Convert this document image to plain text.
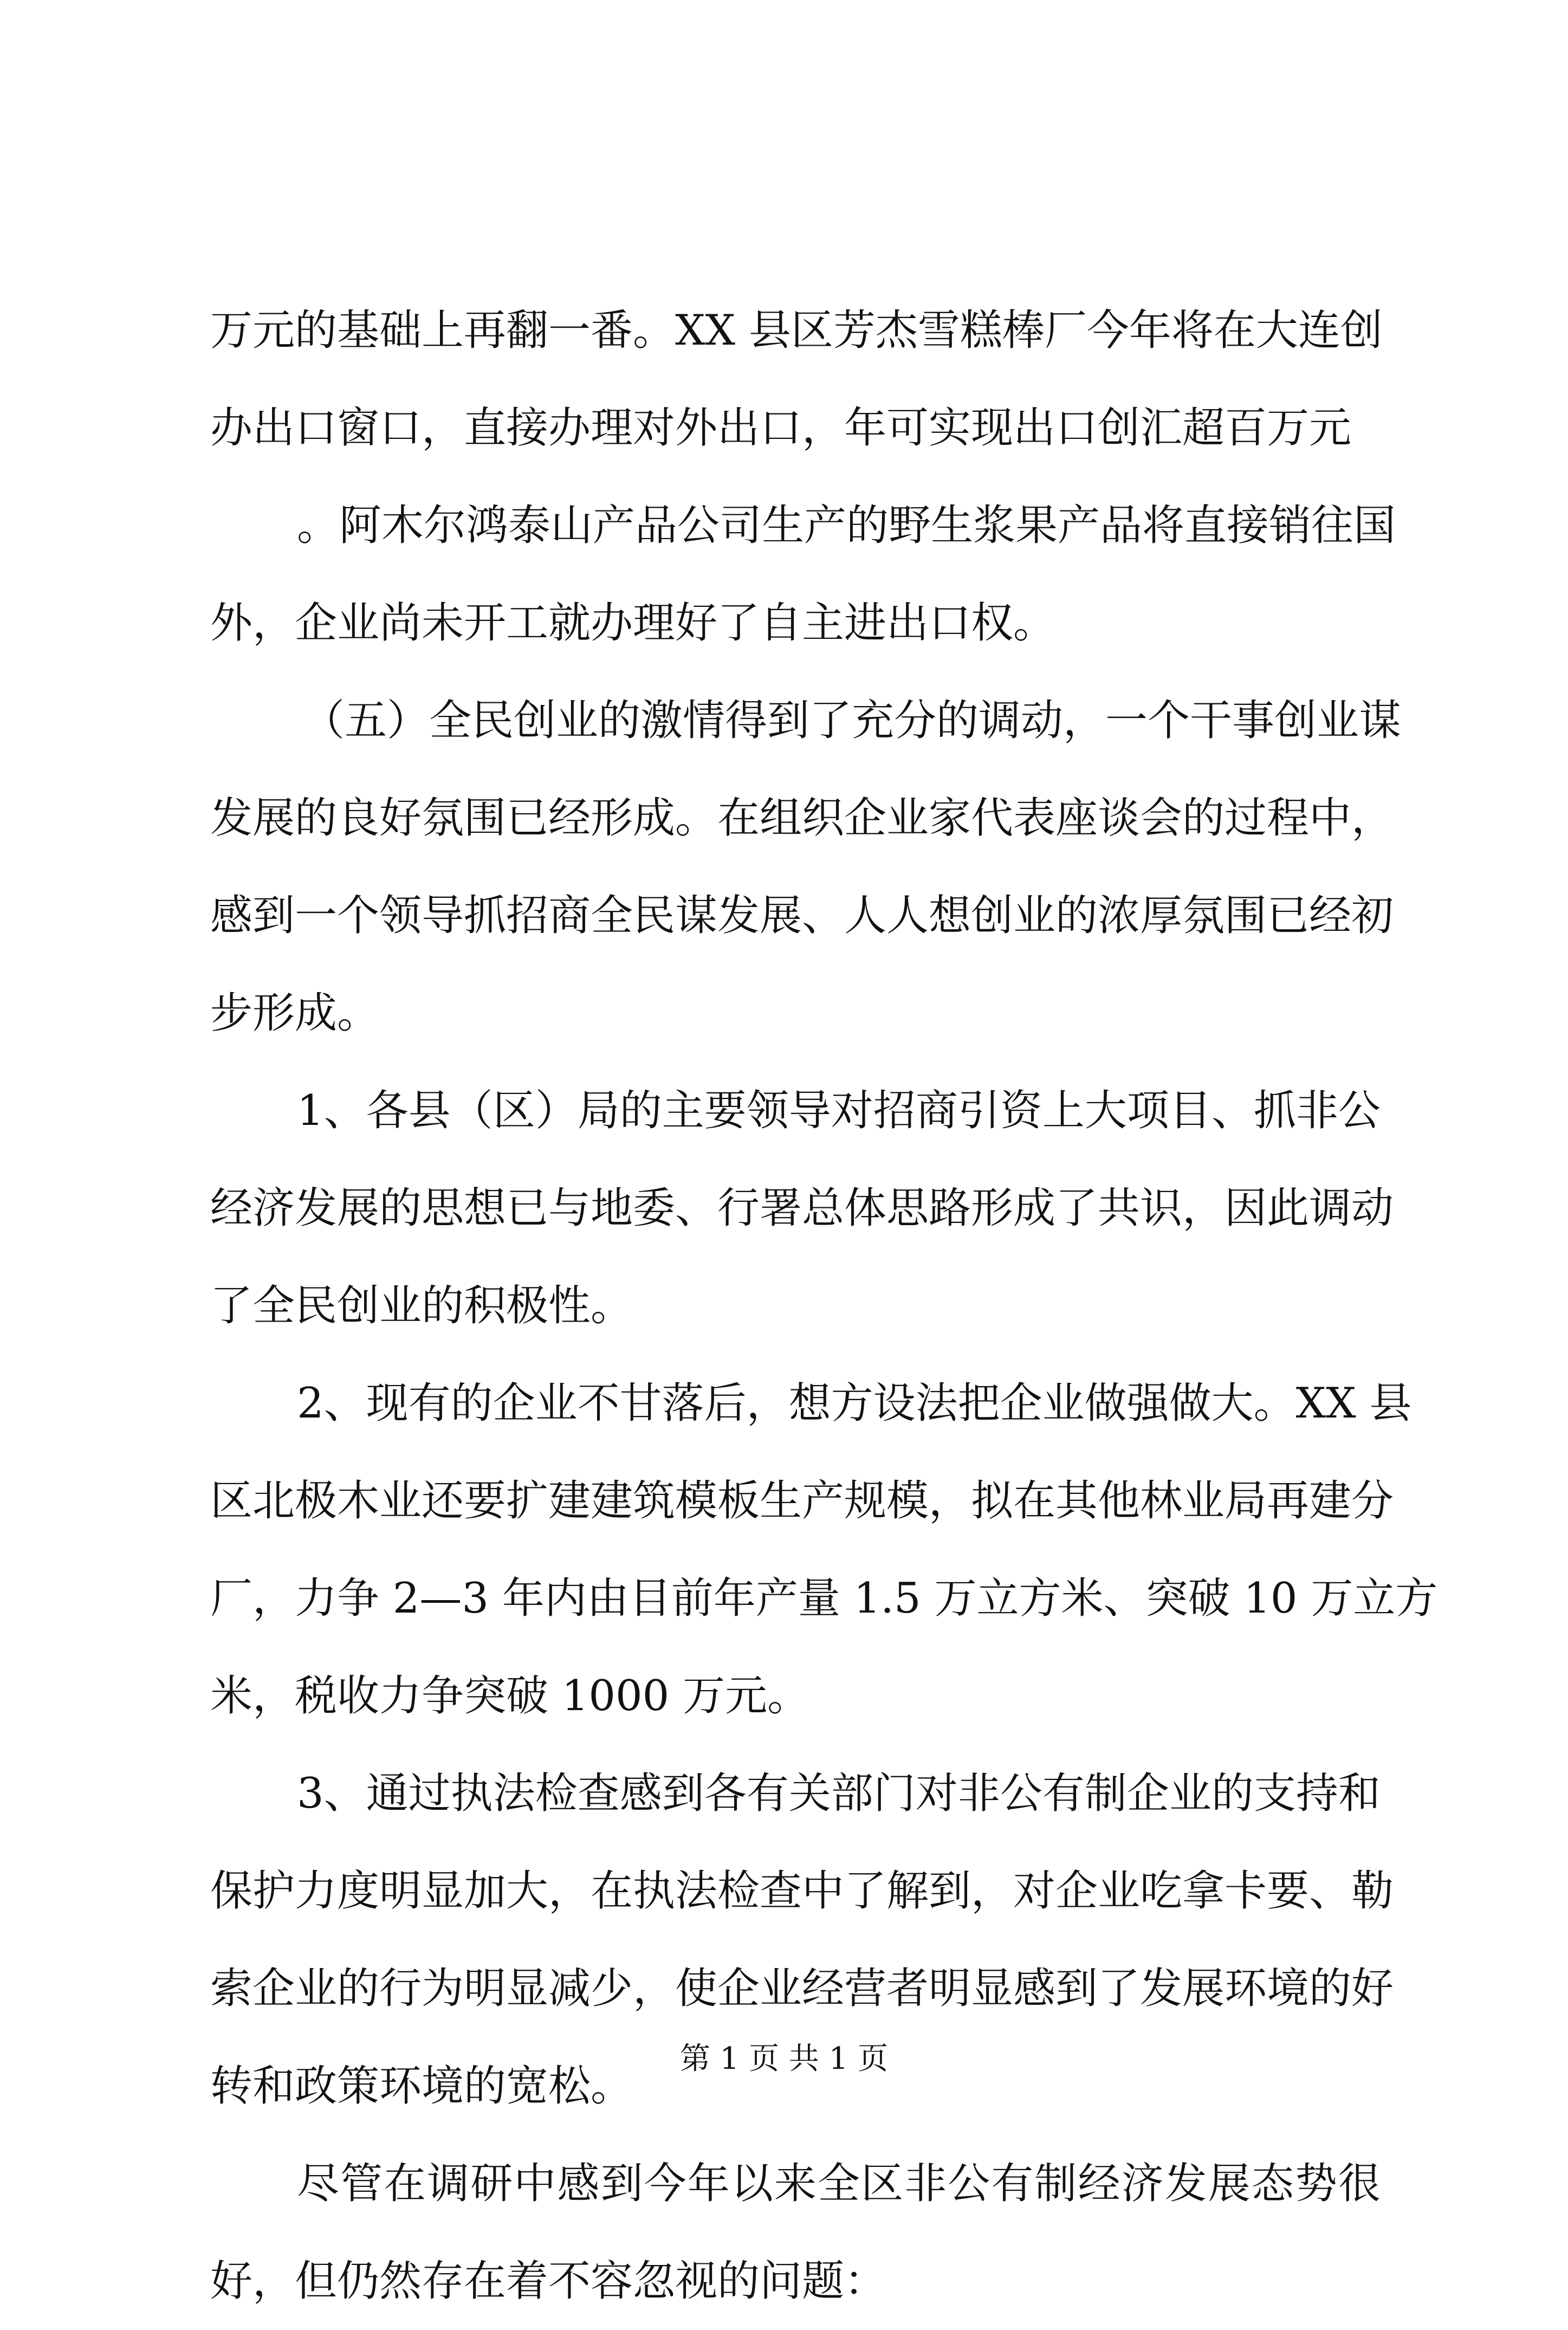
万元的基础上再翻一番。XX 县区芳杰雪糕棒厂今年将在大连创
办出口窗口，直接办理对外出口，年可实现出口创汇超百万元
。阿木尔鸿泰山产品公司生产的野生浆果产品将直接销往国
外，企业尚未开工就办理好了自主进出口权。
（五）全民创业的激情得到了充分的调动，一个干事创业谋
发展的良好氛围已经形成。在组织企业家代表座谈会的过程中，
感到一个领导抓招商全民谋发展、人人想创业的浓厚氛围已经初
步形成。
1、各县（区）局的主要领导对招商引资上大项目、抓非公
经济发展的思想已与地委、行署总体思路形成了共识，因此调动
了全民创业的积极性。
2、现有的企业不甘落后，想方设法把企业做强做大。XX 县
区北极木业还要扩建建筑模板生产规模，拟在其他林业局再建分
厂，力争 2—3 年内由目前年产量 1.5 万立方米、突破 10 万立方
米，税收力争突破 1000 万元。
3、通过执法检查感到各有关部门对非公有制企业的支持和
保护力度明显加大，在执法检查中了解到，对企业吃拿卡要、勒
索企业的行为明显减少，使企业经营者明显感到了发展环境的好
转和政策环境的宽松。
尽管在调研中感到今年以来全区非公有制经济发展态势很
好，但仍然存在着不容忽视的问题：
第 1 页 共 1 页
